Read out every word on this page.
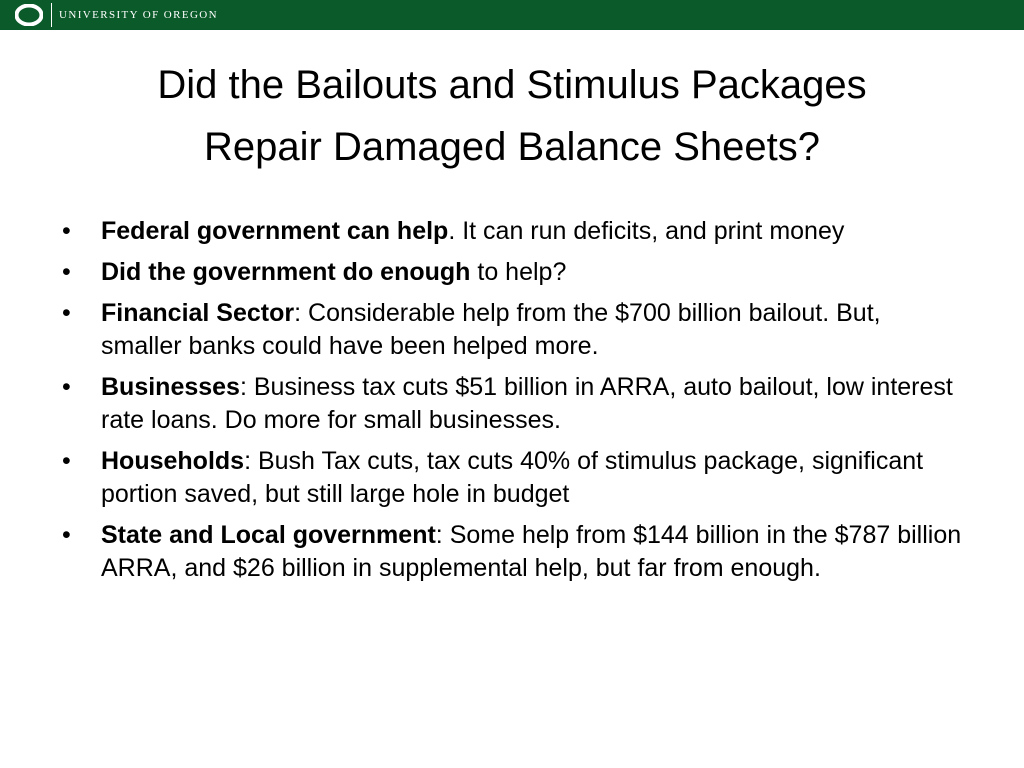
UNIVERSITY OF OREGON
Did the Bailouts and Stimulus Packages
Repair Damaged Balance Sheets?
• Federal government can help. It can run deficits, and print money
• Did the government do enough to help?
• Financial Sector: Considerable help from the $700 billion bailout. But, smaller banks could have been helped more.
• Businesses: Business tax cuts $51 billion in ARRA, auto bailout, low interest rate loans. Do more for small businesses.
• Households: Bush Tax cuts, tax cuts 40% of stimulus package, significant portion saved, but still large hole in budget
• State and Local government: Some help from $144 billion in the $787 billion ARRA, and $26 billion in supplemental help, but far from enough.
